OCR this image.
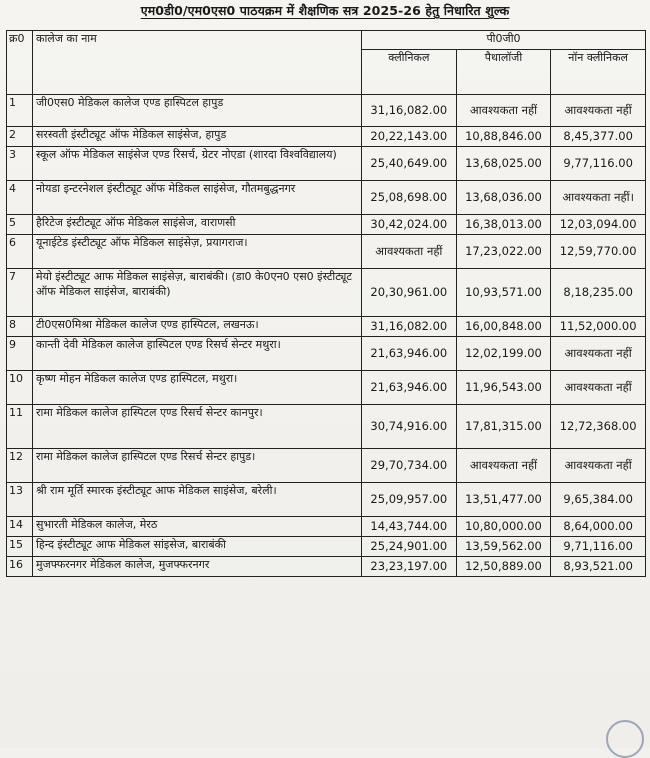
एम0डी0/एम0एस0 पाठयक्रम में शैक्षणिक सत्र 2025-26 हेतु निधारित शुल्क
क्र0	कालेज का नाम	पी0जी0		
		क्लीनिकल	पैथालॉजी	नॉन क्लीनिकल
1	जी0एस0 मेडिकल कालेज एण्ड हास्पिटल हापुड	31,16,082.00	आवश्यकता नहीं	आवश्यकता नहीं
2	सरस्वती इंस्टीट्यूट ऑफ मेडिकल साइंसेज, हापुड	20,22,143.00	10,88,846.00	8,45,377.00
3	स्कूल ऑफ मेडिकल साइंसेज एण्ड रिसर्च, ग्रेटर नोएडा (शारदा विश्वविद्यालय)	25,40,649.00	13,68,025.00	9,77,116.00
4	नोयडा इन्टरनेशल इंस्टीट्यूट ऑफ मेडिकल साइंसेज, गौतमबुद्धनगर	25,08,698.00	13,68,036.00	आवश्यकता नहीं।
5	हैरिटेज इंस्टीट्यूट ऑफ मेडिकल साइंसेज, वाराणसी	30,42,024.00	16,38,013.00	12,03,094.00
6	यूनाईटेड इंस्टीट्यूट ऑफ मेडिकल साइंसेज़, प्रयागराज।	आवश्यकता नहीं	17,23,022.00	12,59,770.00
7	मेयो इंस्टीट्यूट आफ मेडिकल साइंसेज़, बाराबंकी। (डा0 के0एन0 एस0 इंस्टीट्यूट ऑफ मेडिकल साइंसेज, बाराबंकी)	20,30,961.00	10,93,571.00	8,18,235.00
8	टी0एस0मिश्रा मेडिकल कालेज एण्ड हास्पिटल, लखनऊ।	31,16,082.00	16,00,848.00	11,52,000.00
9	कान्ती देवी मेडिकल कालेज हास्पिटल एण्ड रिसर्च सेन्टर मथुरा।	21,63,946.00	12,02,199.00	आवश्यकता नहीं
10	कृष्ण मोहन मेडिकल कालेज एण्ड हास्पिटल, मथुरा।	21,63,946.00	11,96,543.00	आवश्यकता नहीं
11	रामा मेडिकल कालेज हास्पिटल एण्ड रिसर्च सेन्टर कानपुर।	30,74,916.00	17,81,315.00	12,72,368.00
12	रामा मेडिकल कालेज हास्पिटल एण्ड रिसर्च सेन्टर हापुड।	29,70,734.00	आवश्यकता नहीं	आवश्यकता नहीं
13	श्री राम मूर्ति स्मारक इंस्टीट्यूट आफ मेडिकल साइंसेज, बरेली।	25,09,957.00	13,51,477.00	9,65,384.00
14	सुभारती मेडिकल कालेज, मेरठ	14,43,744.00	10,80,000.00	8,64,000.00
15	हिन्द इंस्टीट्यूट आफ मेडिकल सांइसेज, बाराबंकी	25,24,901.00	13,59,562.00	9,71,116.00
16	मुजफ्फरनगर मेडिकल कालेज, मुजफ्फरनगर	23,23,197.00	12,50,889.00	8,93,521.00
